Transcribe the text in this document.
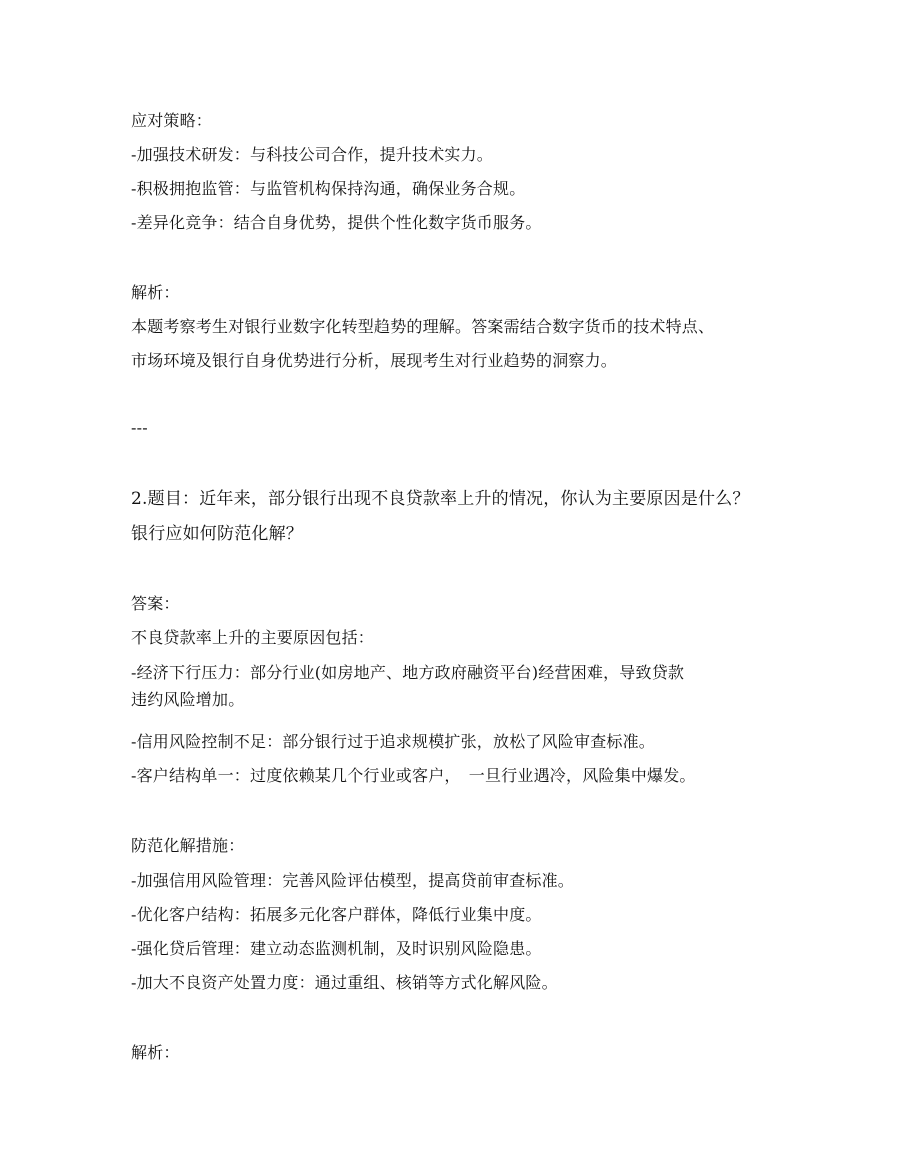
应对策略：
-加强技术研发：与科技公司合作，提升技术实力。
-积极拥抱监管：与监管机构保持沟通，确保业务合规。
-差异化竞争：结合自身优势，提供个性化数字货币服务。
解析：
本题考察考生对银行业数字化转型趋势的理解。答案需结合数字货币的技术特点、
市场环境及银行自身优势进行分析，展现考生对行业趋势的洞察力。
---
2.题目：近年来，部分银行出现不良贷款率上升的情况，你认为主要原因是什么？
银行应如何防范化解？
答案：
不良贷款率上升的主要原因包括：
-经济下行压力：部分行业(如房地产、地方政府融资平台)经营困难，导致贷款
违约风险增加。
-信用风险控制不足：部分银行过于追求规模扩张，放松了风险审查标准。
-客户结构单一：过度依赖某几个行业或客户，　一旦行业遇冷，风险集中爆发。
防范化解措施：
-加强信用风险管理：完善风险评估模型，提高贷前审查标准。
-优化客户结构：拓展多元化客户群体，降低行业集中度。
-强化贷后管理：建立动态监测机制，及时识别风险隐患。
-加大不良资产处置力度：通过重组、核销等方式化解风险。
解析：
